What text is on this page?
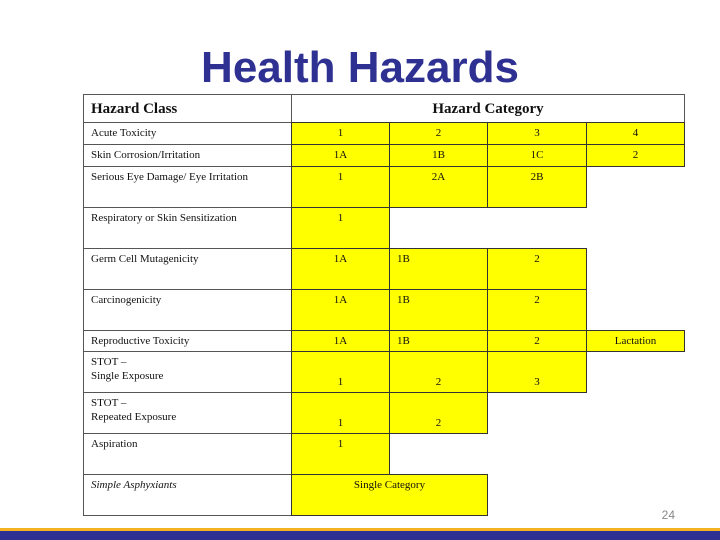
Health Hazards
Hazard Class	Hazard Category
Acute Toxicity	1	2	3	4
Skin Corrosion/Irritation	1A	1B	1C	2
Serious Eye Damage/ Eye Irritation	1	2A	2B
Respiratory or Skin Sensitization	1
Germ Cell Mutagenicity	1A	1B	2
Carcinogenicity	1A	1B	2
Reproductive Toxicity	1A	1B	2	Lactation
STOT –
Single Exposure	1	2	3
STOT –
Repeated Exposure	1	2
Aspiration	1
Simple Asphyxiants	Single Category
24
